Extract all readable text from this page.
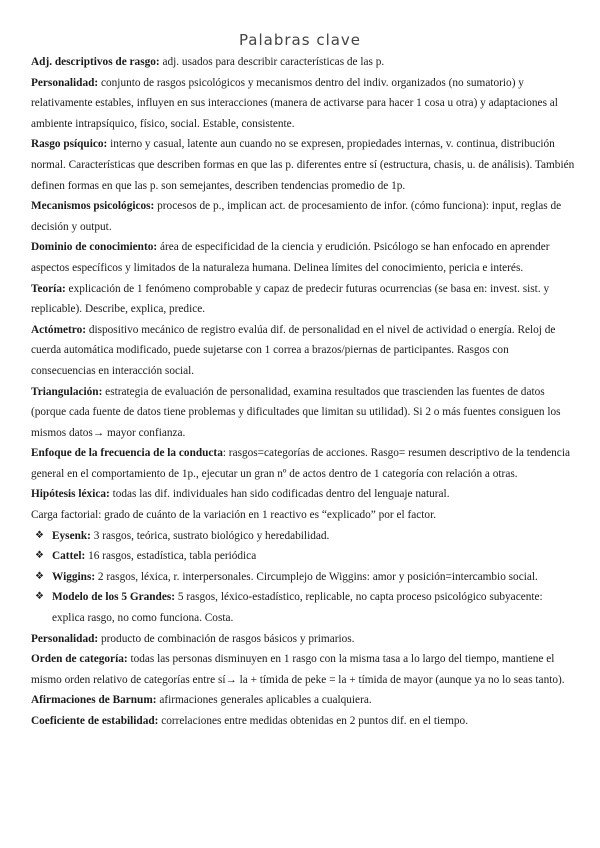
Palabras clave

Adj. descriptivos de rasgo: adj. usados para describir características de las p.

Personalidad: conjunto de rasgos psicológicos y mecanismos dentro del indiv. organizados (no sumatorio) y relativamente estables, influyen en sus interacciones (manera de activarse para hacer 1 cosa u otra) y adaptaciones al ambiente intrapsíquico, físico, social. Estable, consistente.

Rasgo psíquico: interno y casual, latente aun cuando no se expresen, propiedades internas, v. continua, distribución normal. Características que describen formas en que las p. diferentes entre sí (estructura, chasis, u. de análisis). También definen formas en que las p. son semejantes, describen tendencias promedio de 1p.

Mecanismos psicológicos: procesos de p., implican act. de procesamiento de infor. (cómo funciona): input, reglas de decisión y output.

Dominio de conocimiento: área de especificidad de la ciencia y erudición. Psicólogo se han enfocado en aprender aspectos específicos y limitados de la naturaleza humana. Delinea límites del conocimiento, pericia e interés.

Teoría: explicación de 1 fenómeno comprobable y capaz de predecir futuras ocurrencias (se basa en: invest. sist. y replicable). Describe, explica, predice.

Actómetro: dispositivo mecánico de registro evalúa dif. de personalidad en el nivel de actividad o energía. Reloj de cuerda automática modificado, puede sujetarse con 1 correa a brazos/piernas de participantes. Rasgos con consecuencias en interacción social.

Triangulación: estrategia de evaluación de personalidad, examina resultados que trascienden las fuentes de datos (porque cada fuente de datos tiene problemas y dificultades que limitan su utilidad). Si 2 o más fuentes consiguen los mismos datos→ mayor confianza.

Enfoque de la frecuencia de la conducta: rasgos=categorías de acciones. Rasgo= resumen descriptivo de la tendencia general en el comportamiento de 1p., ejecutar un gran nº de actos dentro de 1 categoría con relación a otras.

Hipótesis léxica: todas las dif. individuales han sido codificadas dentro del lenguaje natural.

Carga factorial: grado de cuánto de la variación en 1 reactivo es “explicado” por el factor.

❖ Eysenk: 3 rasgos, teórica, sustrato biológico y heredabilidad.
❖ Cattel: 16 rasgos, estadística, tabla periódica
❖ Wiggins: 2 rasgos, léxica, r. interpersonales. Circumplejo de Wiggins: amor y posición=intercambio social.
❖ Modelo de los 5 Grandes: 5 rasgos, léxico-estadístico, replicable, no capta proceso psicológico subyacente: explica rasgo, no como funciona. Costa.

Personalidad: producto de combinación de rasgos básicos y primarios.

Orden de categoría: todas las personas disminuyen en 1 rasgo con la misma tasa a lo largo del tiempo, mantiene el mismo orden relativo de categorías entre sí→ la + tímida de peke = la + tímida de mayor (aunque ya no lo seas tanto).

Afirmaciones de Barnum: afirmaciones generales aplicables a cualquiera.

Coeficiente de estabilidad: correlaciones entre medidas obtenidas en 2 puntos dif. en el tiempo.
